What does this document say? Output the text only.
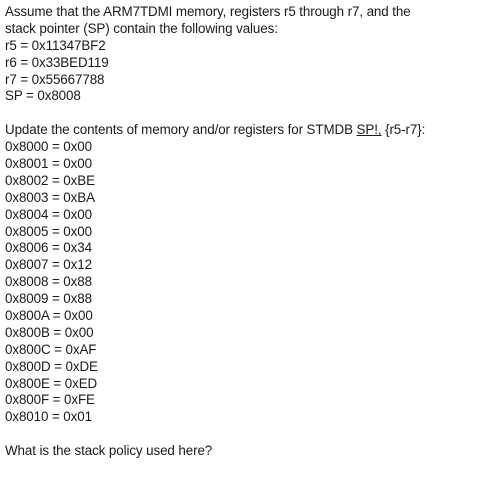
Assume that the ARM7TDMI memory, registers r5 through r7, and the
stack pointer (SP) contain the following values:
r5 = 0x11347BF2
r6 = 0x33BED119
r7 = 0x55667788
SP = 0x8008
Update the contents of memory and/or registers for STMDB SP!, {r5-r7}:
0x8000 = 0x00
0x8001 = 0x00
0x8002 = 0xBE
0x8003 = 0xBA
0x8004 = 0x00
0x8005 = 0x00
0x8006 = 0x34
0x8007 = 0x12
0x8008 = 0x88
0x8009 = 0x88
0x800A = 0x00
0x800B = 0x00
0x800C = 0xAF
0x800D = 0xDE
0x800E = 0xED
0x800F = 0xFE
0x8010 = 0x01
What is the stack policy used here?
